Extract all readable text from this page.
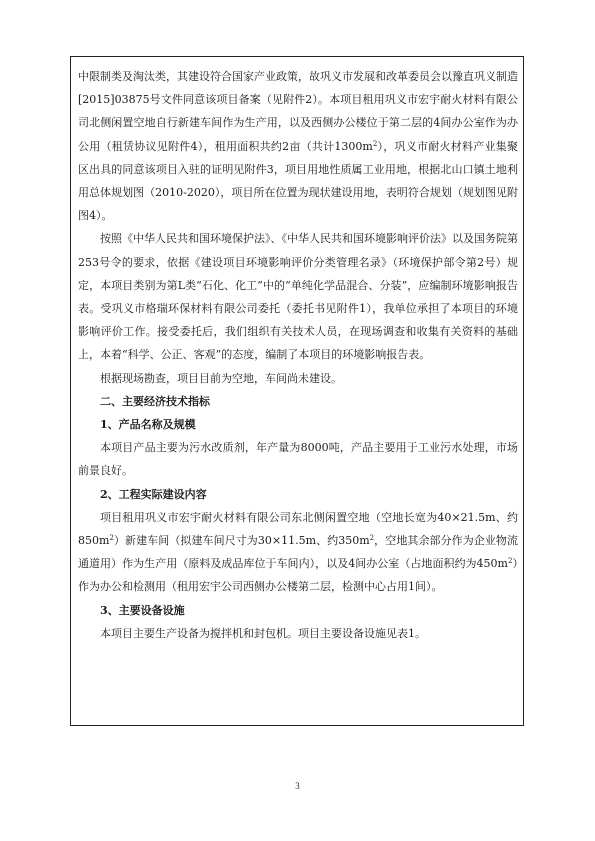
中限制类及淘汰类，其建设符合国家产业政策，故巩义市发展和改革委员会以豫直巩义制造[2015]03875号文件同意该项目备案（见附件2）。本项目租用巩义市宏宇耐火材料有限公司北侧闲置空地自行新建车间作为生产用，以及西侧办公楼位于第二层的4间办公室作为办公用（租赁协议见附件4），租用面积共约2亩（共计$1300m^2$），巩义市耐火材料产业集聚区出具的同意该项目入驻的证明见附件3，项目用地性质属工业用地，根据北山口镇土地利用总体规划图（2010-2020），项目所在位置为现状建设用地，表明符合规划（规划图见附图4）。

按照《中华人民共和国环境保护法》、《中华人民共和国环境影响评价法》以及国务院第253号令的要求，依据《建设项目环境影响评价分类管理名录》（环境保护部令第2号）规定，本项目类别为第L类“石化、化工”中的“单纯化学品混合、分装”，应编制环境影响报告表。受巩义市格瑞环保材料有限公司委托（委托书见附件1），我单位承担了本项目的环境影响评价工作。接受委托后，我们组织有关技术人员，在现场调查和收集有关资料的基础上，本着“科学、公正、客观”的态度，编制了本项目的环境影响报告表。

根据现场勘查，项目目前为空地，车间尚未建设。

二、主要经济技术指标

1、产品名称及规模

本项目产品主要为污水改质剂，年产量为8000吨，产品主要用于工业污水处理，市场前景良好。

2、工程实际建设内容

项目租用巩义市宏宇耐火材料有限公司东北侧闲置空地（空地长宽为40×21.5m、约$850m^2$）新建车间（拟建车间尺寸为30×11.5m、约$350m^2$，空地其余部分作为企业物流通道用）作为生产用（原料及成品库位于车间内），以及4间办公室（占地面积约为$450m^2$）作为办公和检测用（租用宏宇公司西侧办公楼第二层，检测中心占用1间）。

3、主要设备设施

本项目主要生产设备为搅拌机和封包机。项目主要设备设施见表1。

3
